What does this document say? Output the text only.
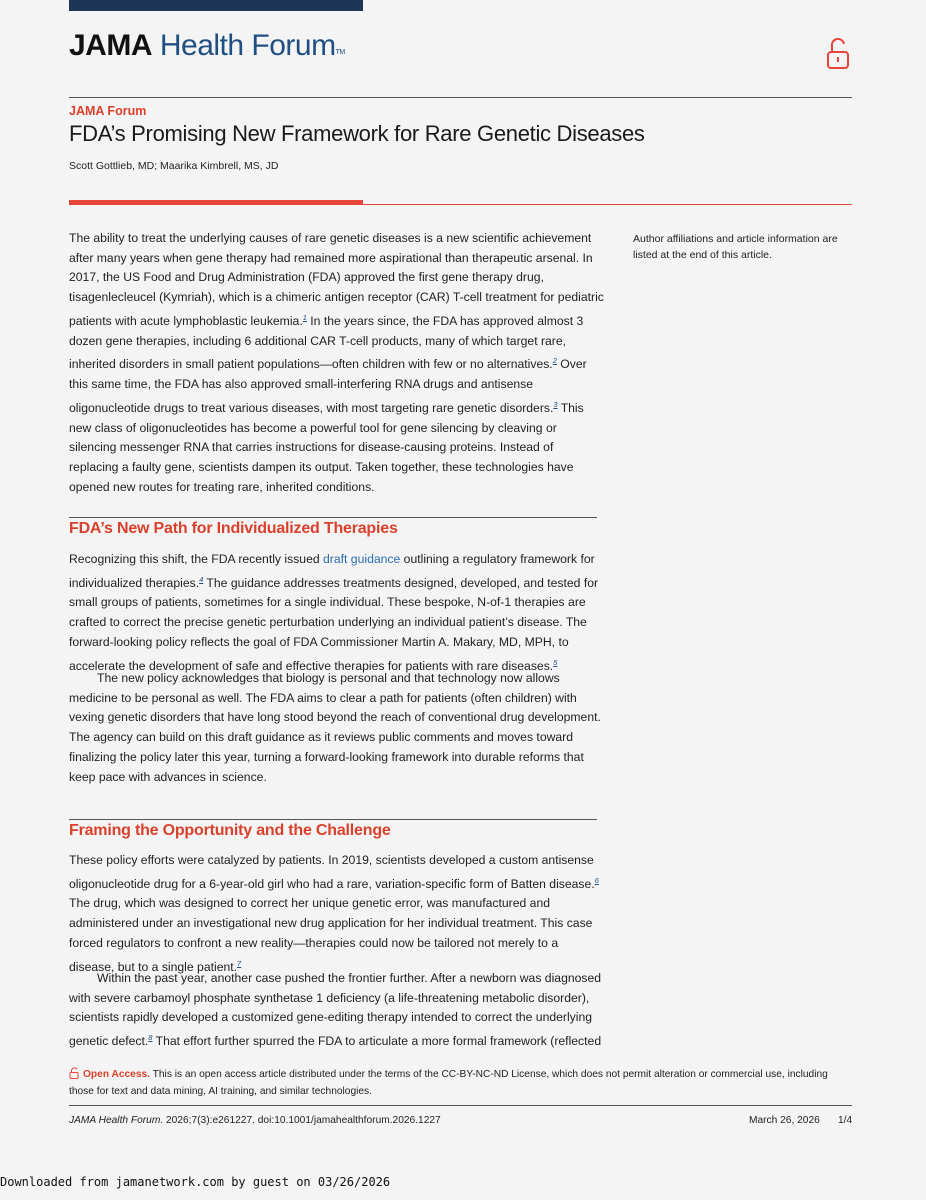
JAMA Health ForumTM
JAMA Forum
FDA’s Promising New Framework for Rare Genetic Diseases
Scott Gottlieb, MD; Maarika Kimbrell, MS, JD
Author affiliations and article information are listed at the end of this article.

The ability to treat the underlying causes of rare genetic diseases is a new scientific achievement after many years when gene therapy had remained more aspirational than therapeutic arsenal. In 2017, the US Food and Drug Administration (FDA) approved the first gene therapy drug, tisagenlecleucel (Kymriah), which is a chimeric antigen receptor (CAR) T-cell treatment for pediatric patients with acute lymphoblastic leukemia.$^1$ In the years since, the FDA has approved almost 3 dozen gene therapies, including 6 additional CAR T-cell products, many of which target rare, inherited disorders in small patient populations—often children with few or no alternatives.$^2$ Over this same time, the FDA has also approved small-interfering RNA drugs and antisense oligonucleotide drugs to treat various diseases, with most targeting rare genetic disorders.$^3$ This new class of oligonucleotides has become a powerful tool for gene silencing by cleaving or silencing messenger RNA that carries instructions for disease-causing proteins. Instead of replacing a faulty gene, scientists dampen its output. Taken together, these technologies have opened new routes for treating rare, inherited conditions.

FDA’s New Path for Individualized Therapies

Recognizing this shift, the FDA recently issued draft guidance outlining a regulatory framework for individualized therapies.$^4$ The guidance addresses treatments designed, developed, and tested for small groups of patients, sometimes for a single individual. These bespoke, N-of-1 therapies are crafted to correct the precise genetic perturbation underlying an individual patient’s disease. The forward-looking policy reflects the goal of FDA Commissioner Martin A. Makary, MD, MPH, to accelerate the development of safe and effective therapies for patients with rare diseases.$^5$

The new policy acknowledges that biology is personal and that technology now allows medicine to be personal as well. The FDA aims to clear a path for patients (often children) with vexing genetic disorders that have long stood beyond the reach of conventional drug development. The agency can build on this draft guidance as it reviews public comments and moves toward finalizing the policy later this year, turning a forward-looking framework into durable reforms that keep pace with advances in science.

Framing the Opportunity and the Challenge

These policy efforts were catalyzed by patients. In 2019, scientists developed a custom antisense oligonucleotide drug for a 6-year-old girl who had a rare, variation-specific form of Batten disease.$^6$ The drug, which was designed to correct her unique genetic error, was manufactured and administered under an investigational new drug application for her individual treatment. This case forced regulators to confront a new reality—therapies could now be tailored not merely to a disease, but to a single patient.$^7$

Within the past year, another case pushed the frontier further. After a newborn was diagnosed with severe carbamoyl phosphate synthetase 1 deficiency (a life-threatening metabolic disorder), scientists rapidly developed a customized gene-editing therapy intended to correct the underlying genetic defect.$^8$ That effort further spurred the FDA to articulate a more formal framework (reflected

Open Access. This is an open access article distributed under the terms of the CC-BY-NC-ND License, which does not permit alteration or commercial use, including those for text and data mining, AI training, and similar technologies.
JAMA Health Forum. 2026;7(3):e261227. doi:10.1001/jamahealthforum.2026.1227	March 26, 2026 1/4
Downloaded from jamanetwork.com by guest on 03/26/2026
